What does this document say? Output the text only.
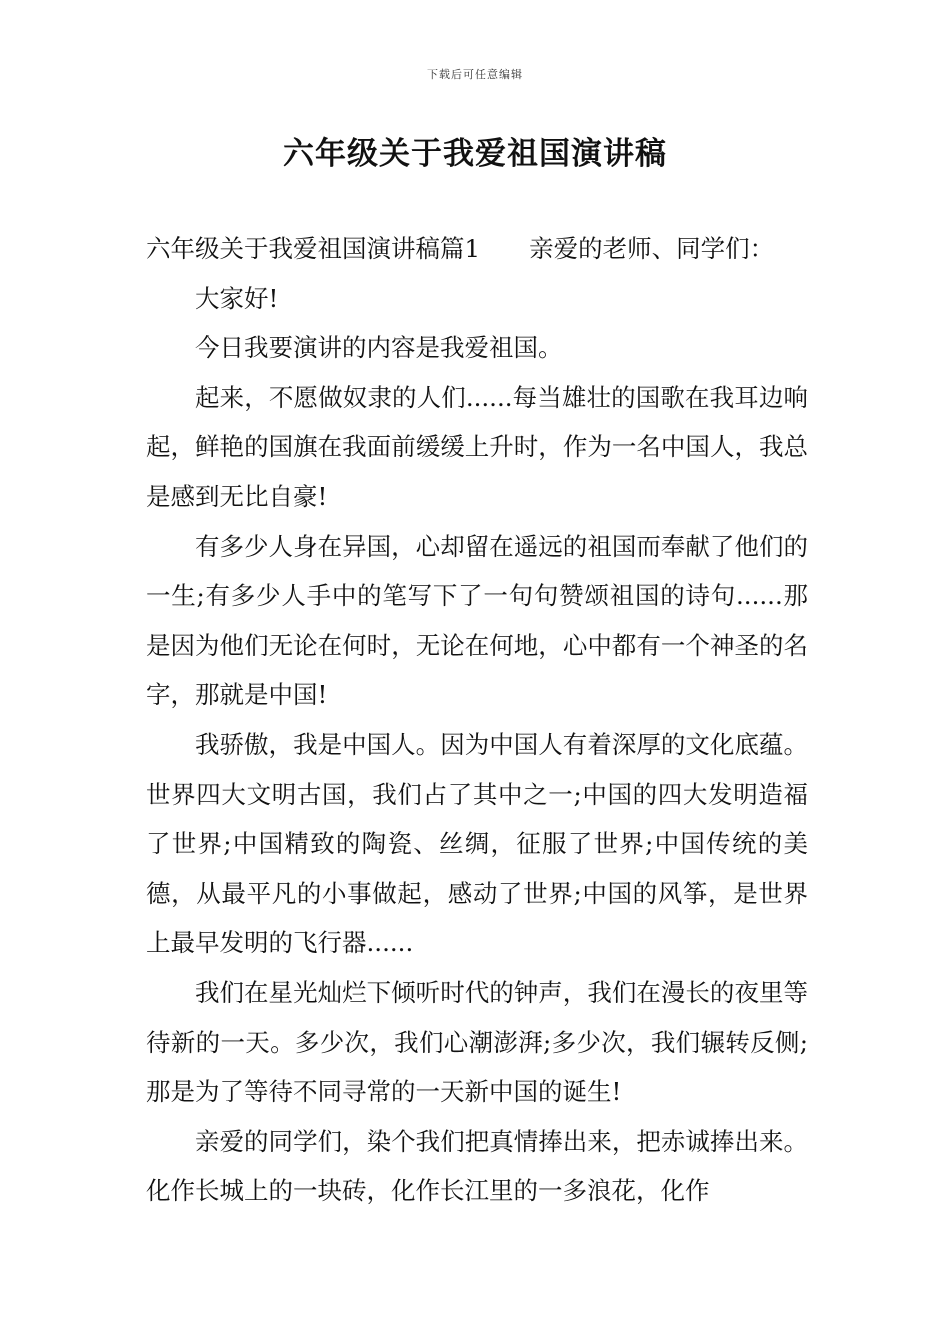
下载后可任意编辑
六年级关于我爱祖国演讲稿

六年级关于我爱祖国演讲稿篇1　　亲爱的老师、同学们：

大家好!

今日我要演讲的内容是我爱祖国。

起来，不愿做奴隶的人们......每当雄壮的国歌在我耳边响起，鲜艳的国旗在我面前缓缓上升时，作为一名中国人，我总是感到无比自豪!

有多少人身在异国，心却留在遥远的祖国而奉献了他们的一生;有多少人手中的笔写下了一句句赞颂祖国的诗句......那是因为他们无论在何时，无论在何地，心中都有一个神圣的名字，那就是中国!

我骄傲，我是中国人。因为中国人有着深厚的文化底蕴。世界四大文明古国，我们占了其中之一;中国的四大发明造福了世界;中国精致的陶瓷、丝绸，征服了世界;中国传统的美德，从最平凡的小事做起，感动了世界;中国的风筝，是世界上最早发明的飞行器......

我们在星光灿烂下倾听时代的钟声，我们在漫长的夜里等待新的一天。多少次，我们心潮澎湃;多少次，我们辗转反侧;那是为了等待不同寻常的一天新中国的诞生!

亲爱的同学们，染个我们把真情捧出来，把赤诚捧出来。化作长城上的一块砖，化作长江里的一多浪花，化作
